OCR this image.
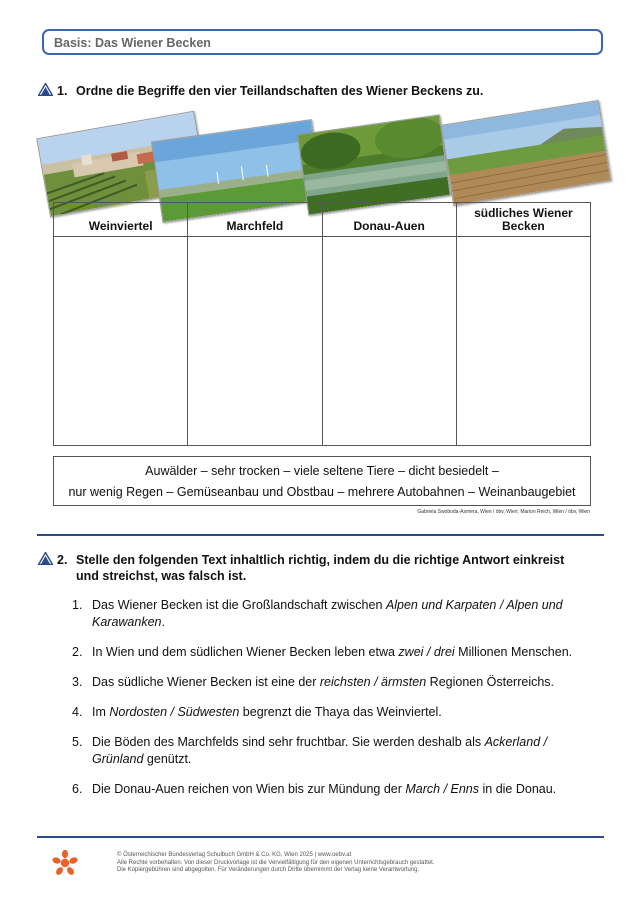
Basis: Das Wiener Becken
1. Ordne die Begriffe den vier Teillandschaften des Wiener Beckens zu.
Weinviertel	Marchfeld	Donau-Auen	südliches Wiener Becken

Auwälder – sehr trocken – viele seltene Tiere – dicht besiedelt –
nur wenig Regen – Gemüseanbau und Obstbau – mehrere Autobahnen – Weinanbaugebiet
Gabriela Swoboda-Asmera, Wien / öbv, Wien; Marion Reich, Wien / öbv, Wien
2. Stelle den folgenden Text inhaltlich richtig, indem du die richtige Antwort einkreist
und streichst, was falsch ist.
1. Das Wiener Becken ist die Großlandschaft zwischen Alpen und Karpaten / Alpen und Karawanken.
2. In Wien und dem südlichen Wiener Becken leben etwa zwei / drei Millionen Menschen.
3. Das südliche Wiener Becken ist eine der reichsten / ärmsten Regionen Österreichs.
4. Im Nordosten / Südwesten begrenzt die Thaya das Weinviertel.
5. Die Böden des Marchfelds sind sehr fruchtbar. Sie werden deshalb als Ackerland / Grünland genützt.
6. Die Donau-Auen reichen von Wien bis zur Mündung der March / Enns in die Donau.
© Österreichischer Bundesverlag Schulbuch GmbH & Co. KG, Wien 2025 | www.oebv.at
Alle Rechte vorbehalten. Von dieser Druckvorlage ist die Vervielfältigung für den eigenen Unterrichtsgebrauch gestattet.
Die Kopiergebühren sind abgegolten. Für Veränderungen durch Dritte übernimmt der Verlag keine Verantwortung.
